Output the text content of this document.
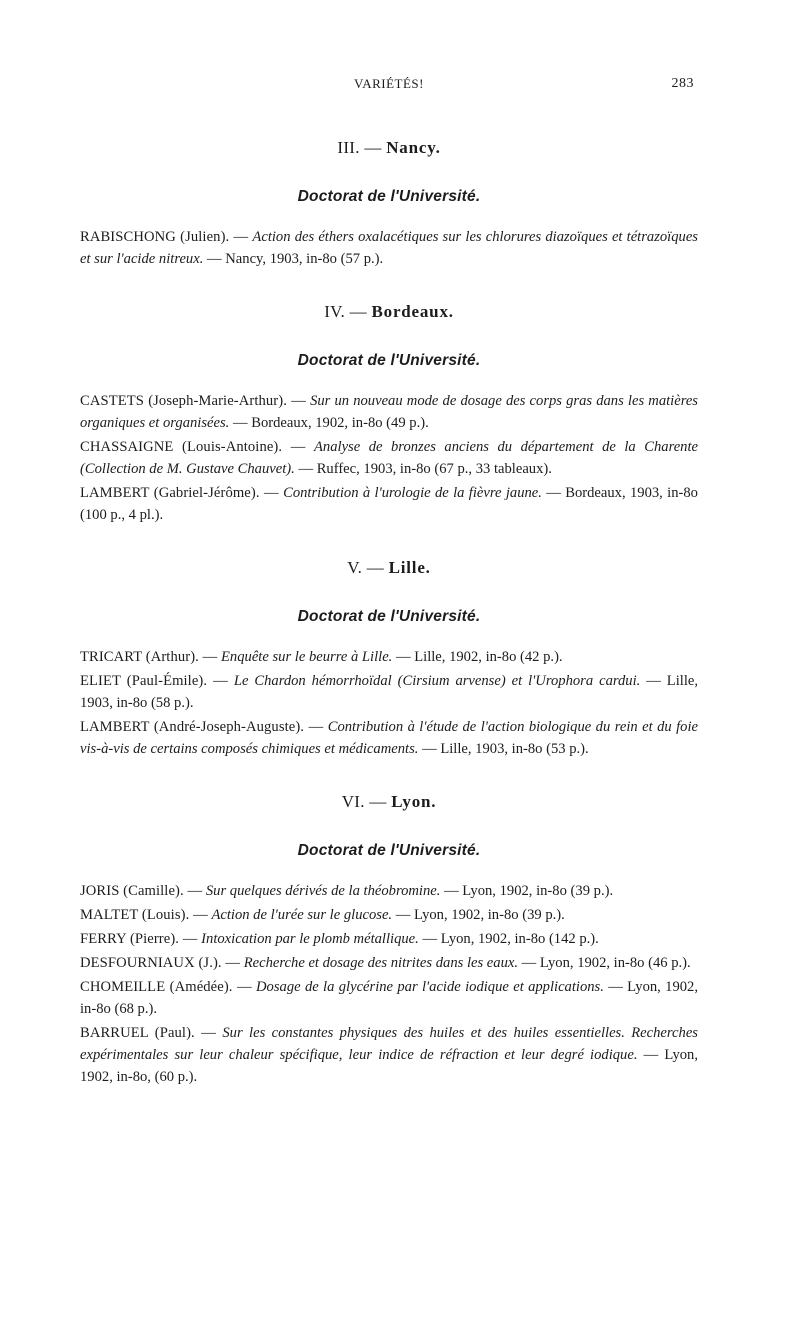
VARIÉTÉS!	283

III. — Nancy.

Doctorat de l'Université.

RABISCHONG (Julien). — Action des éthers oxalacétiques sur les chlorures diazoïques et tétrazoïques et sur l'acide nitreux. — Nancy, 1903, in-8o (57 p.).

IV. — Bordeaux.

Doctorat de l'Université.

CASTETS (Joseph-Marie-Arthur). — Sur un nouveau mode de dosage des corps gras dans les matières organiques et organisées. — Bordeaux, 1902, in-8o (49 p.).

CHASSAIGNE (Louis-Antoine). — Analyse de bronzes anciens du département de la Charente (Collection de M. Gustave Chauvet). — Ruffec, 1903, in-8o (67 p., 33 tableaux).

LAMBERT (Gabriel-Jérôme). — Contribution à l'urologie de la fièvre jaune. — Bordeaux, 1903, in-8o (100 p., 4 pl.).

V. — Lille.

Doctorat de l'Université.

TRICART (Arthur). — Enquête sur le beurre à Lille. — Lille, 1902, in-8o (42 p.).

ELIET (Paul-Émile). — Le Chardon hémorrhoïdal (Cirsium arvense) et l'Urophora cardui. — Lille, 1903, in-8o (58 p.).

LAMBERT (André-Joseph-Auguste). — Contribution à l'étude de l'action biologique du rein et du foie vis-à-vis de certains composés chimiques et médicaments. — Lille, 1903, in-8o (53 p.).

VI. — Lyon.

Doctorat de l'Université.

JORIS (Camille). — Sur quelques dérivés de la théobromine. — Lyon, 1902, in-8o (39 p.).

MALTET (Louis). — Action de l'urée sur le glucose. — Lyon, 1902, in-8o (39 p.).

FERRY (Pierre). — Intoxication par le plomb métallique. — Lyon, 1902, in-8o (142 p.).

DESFOURNIAUX (J.). — Recherche et dosage des nitrites dans les eaux. — Lyon, 1902, in-8o (46 p.).

CHOMEILLE (Amédée). — Dosage de la glycérine par l'acide iodique et applications. — Lyon, 1902, in-8o (68 p.).

BARRUEL (Paul). — Sur les constantes physiques des huiles et des huiles essentielles. Recherches expérimentales sur leur chaleur spécifique, leur indice de réfraction et leur degré iodique. — Lyon, 1902, in-8o, (60 p.).
